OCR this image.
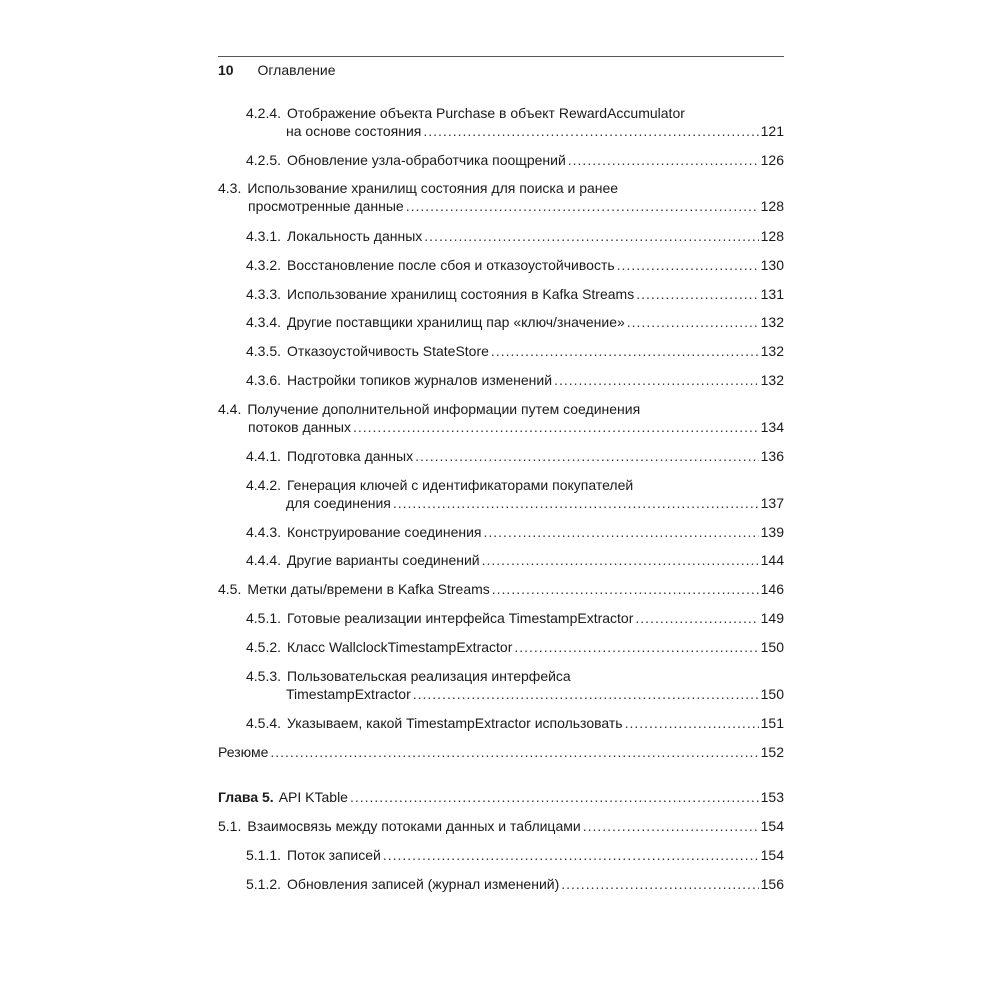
10 Оглавление
4.2.4. Отображение объекта Purchase в объект RewardAccumulator
на основе состояния .....	121
4.2.5. Обновление узла-обработчика поощрений .....	126
4.3. Использование хранилищ состояния для поиска и ранее
просмотренные данные .....	128
4.3.1. Локальность данных .....	128
4.3.2. Восстановление после сбоя и отказоустойчивость .....	130
4.3.3. Использование хранилищ состояния в Kafka Streams .....	131
4.3.4. Другие поставщики хранилищ пар «ключ/значение» .....	132
4.3.5. Отказоустойчивость StateStore .....	132
4.3.6. Настройки топиков журналов изменений .....	132
4.4. Получение дополнительной информации путем соединения
потоков данных .....	134
4.4.1. Подготовка данных .....	136
4.4.2. Генерация ключей с идентификаторами покупателей
для соединения .....	137
4.4.3. Конструирование соединения .....	139
4.4.4. Другие варианты соединений .....	144
4.5. Метки даты/времени в Kafka Streams .....	146
4.5.1. Готовые реализации интерфейса TimestampExtractor .....	149
4.5.2. Класс WallclockTimestampExtractor .....	150
4.5.3. Пользовательская реализация интерфейса
TimestampExtractor .....	150
4.5.4. Указываем, какой TimestampExtractor использовать .....	151
Резюме .....	152
Глава 5. API KTable .....	153
5.1. Взаимосвязь между потоками данных и таблицами .....	154
5.1.1. Поток записей .....	154
5.1.2. Обновления записей (журнал изменений) .....	156
